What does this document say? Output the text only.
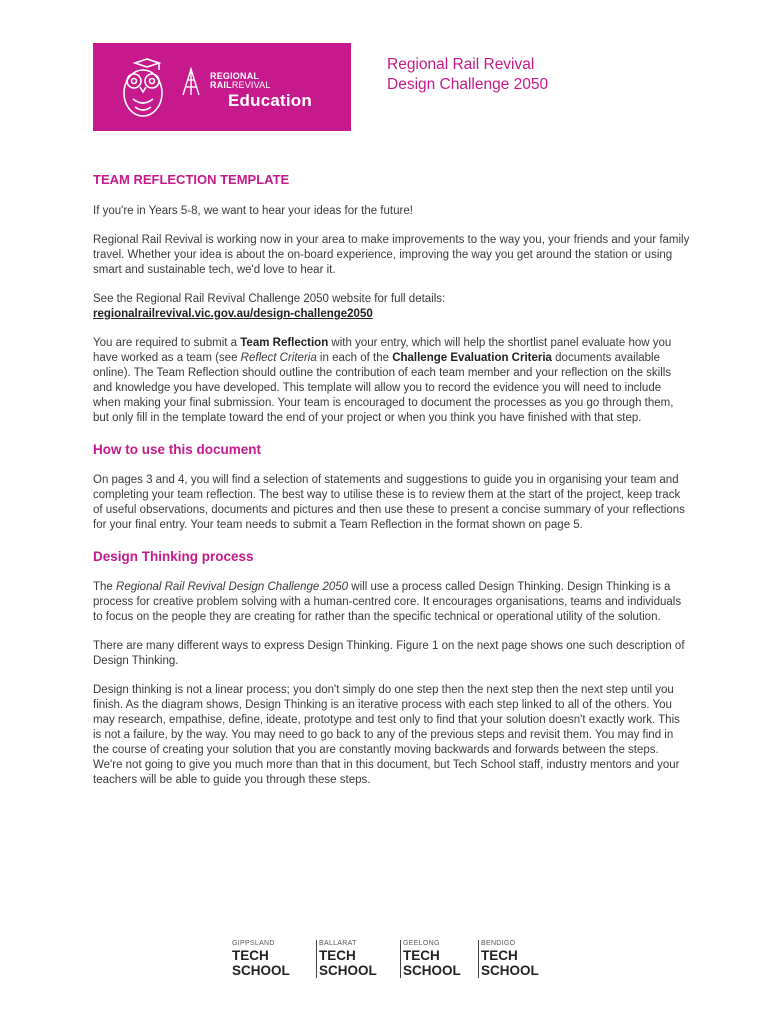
REGIONAL
RAILREVIVAL
Education
Regional Rail Revival
Design Challenge 2050
TEAM REFLECTION TEMPLATE

If you're in Years 5-8, we want to hear your ideas for the future!

Regional Rail Revival is working now in your area to make improvements to the way you, your friends and your family travel. Whether your idea is about the on-board experience, improving the way you get around the station or using smart and sustainable tech, we'd love to hear it.

See the Regional Rail Revival Challenge 2050 website for full details:
regionalrailrevival.vic.gov.au/design-challenge2050

You are required to submit a Team Reflection with your entry, which will help the shortlist panel evaluate how you have worked as a team (see Reflect Criteria in each of the Challenge Evaluation Criteria documents available online). The Team Reflection should outline the contribution of each team member and your reflection on the skills and knowledge you have developed. This template will allow you to record the evidence you will need to include when making your final submission. Your team is encouraged to document the processes as you go through them, but only fill in the template toward the end of your project or when you think you have finished with that step.

How to use this document

On pages 3 and 4, you will find a selection of statements and suggestions to guide you in organising your team and completing your team reflection. The best way to utilise these is to review them at the start of the project, keep track of useful observations, documents and pictures and then use these to present a concise summary of your reflections for your final entry. Your team needs to submit a Team Reflection in the format shown on page 5.

Design Thinking process

The Regional Rail Revival Design Challenge 2050 will use a process called Design Thinking. Design Thinking is a process for creative problem solving with a human-centred core. It encourages organisations, teams and individuals to focus on the people they are creating for rather than the specific technical or operational utility of the solution.

There are many different ways to express Design Thinking. Figure 1 on the next page shows one such description of Design Thinking.

Design thinking is not a linear process; you don't simply do one step then the next step then the next step until you finish. As the diagram shows, Design Thinking is an iterative process with each step linked to all of the others. You may research, empathise, define, ideate, prototype and test only to find that your solution doesn't exactly work. This is not a failure, by the way. You may need to go back to any of the previous steps and revisit them. You may find in the course of creating your solution that you are constantly moving backwards and forwards between the steps. We're not going to give you much more than that in this document, but Tech School staff, industry mentors and your teachers will be able to guide you through these steps.

GIPPSLAND
TECH
SCHOOL
BALLARAT
TECH
SCHOOL
GEELONG
TECH
SCHOOL
BENDIGO
TECH
SCHOOL
